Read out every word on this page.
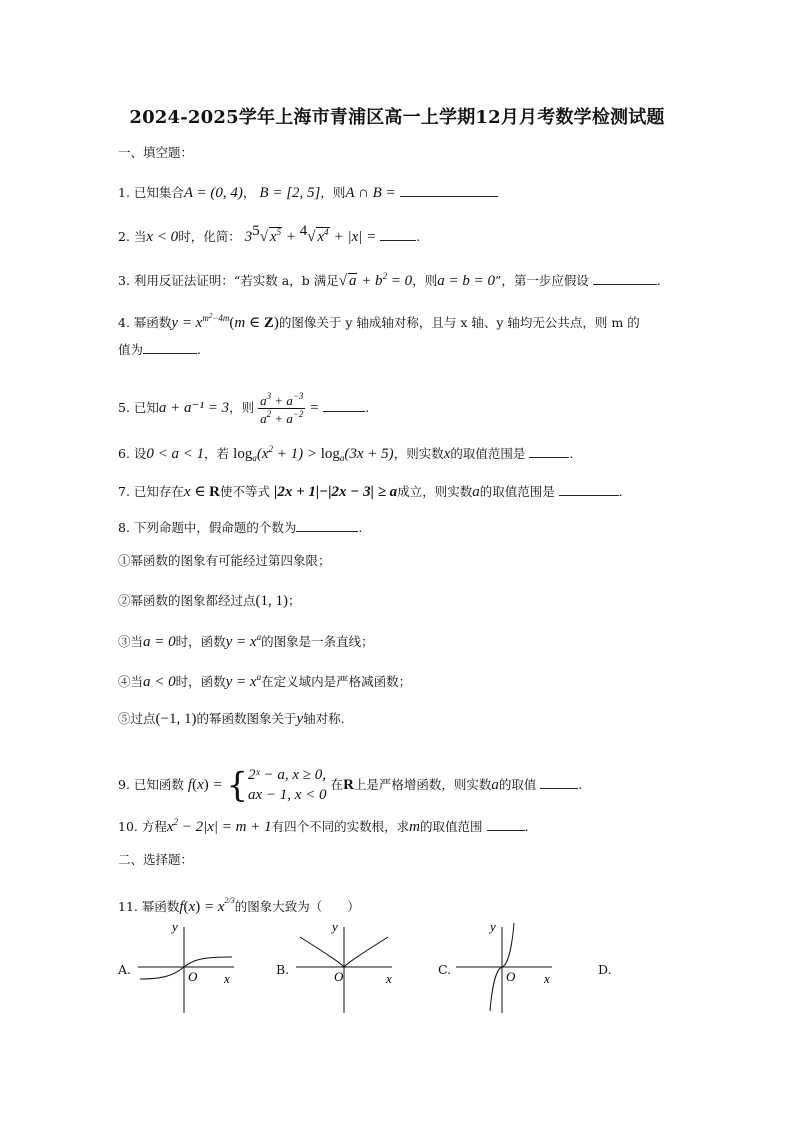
2024-2025学年上海市青浦区高一上学期12月月考数学检测试题
一、填空题：
1. 已知集合A = (0, 4)， B = [2, 5]，则A ∩ B =
2. 当x < 0时，化简： $3^5√$ $x^5 + ^4√$ $x^4 + |x|$ =	.
3. 利用反证法证明：“若实数 a，b 满足√ $a + b^2 = 0$，则a = b = 0”，第一步应假设	.
4. 幂函数$y = x^{m^2-4m}(m$ ∈ Z)的图像关于 y 轴成轴对称，且与 x 轴、y 轴均无公共点，则 m 的
值为	.
5. 已知a + a⁻¹ = 3，则 $\frac{a^3 + a^{-3}}{a^2 + a^{-2}}$ =	.
6. 设0 < a < 1，若 $\log_a(x^2 + 1) > \log_a(3x + 5)$，则实数x的取值范围是	.
7. 已知存在x ∈ R使不等式 |2x + 1|−|2x − 3| ≥ a成立，则实数a的取值范围是	.
8. 下列命题中，假命题的个数为	.
①幂函数的图象有可能经过第四象限；
②幂函数的图象都经过点(1, 1)；
③当a = 0时，函数$y = x^a$的图象是一条直线；
④当a < 0时，函数$y = x^a$在定义域内是严格减函数；
⑤过点(−1, 1)的幂函数图象关于y轴对称.
9. 已知函数 f(x) = { 2ˣ − a, x ≥ 0,
ax − 1, x < 0
在R上是严格增函数，则实数a的取值	.
10. 方程$x^2 - 2|x| = m + 1$有四个不同的实数根，求m的取值范围	.
二、选择题：
11. 幂函数$f(x) = x^{2/3}$的图象大致为（　　）
A.	B.	C.	D.
y
O x
y
O	x
y
O x
